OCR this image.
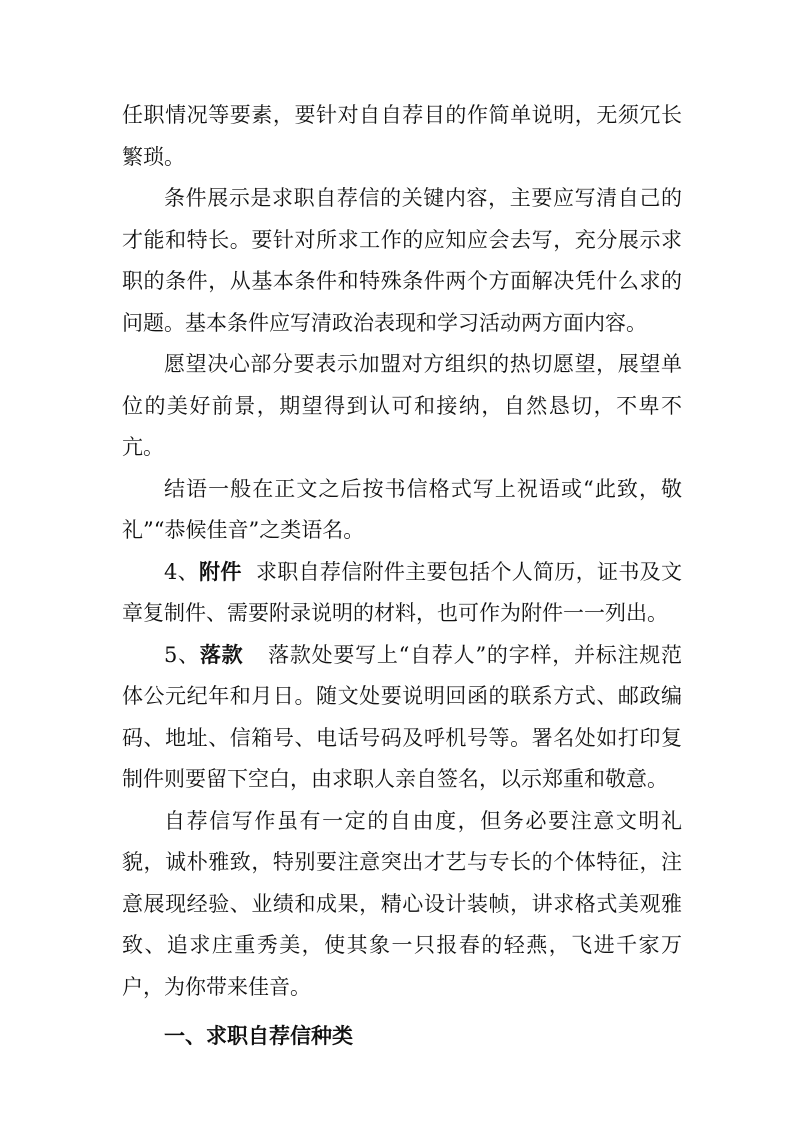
任职情况等要素，要针对自自荐目的作简单说明，无须冗长繁琐。

条件展示是求职自荐信的关键内容，主要应写清自己的才能和特长。要针对所求工作的应知应会去写，充分展示求职的条件，从基本条件和特殊条件两个方面解决凭什么求的问题。基本条件应写清政治表现和学习活动两方面内容。

愿望决心部分要表示加盟对方组织的热切愿望，展望单位的美好前景，期望得到认可和接纳，自然恳切，不卑不亢。

结语一般在正文之后按书信格式写上祝语或“此致，敬礼”“恭候佳音”之类语名。

4、附件 求职自荐信附件主要包括个人简历，证书及文章复制件、需要附录说明的材料，也可作为附件一一列出。

5、落款 落款处要写上“自荐人”的字样，并标注规范体公元纪年和月日。随文处要说明回函的联系方式、邮政编码、地址、信箱号、电话号码及呼机号等。署名处如打印复制件则要留下空白，由求职人亲自签名，以示郑重和敬意。

自荐信写作虽有一定的自由度，但务必要注意文明礼貌，诚朴雅致，特别要注意突出才艺与专长的个体特征，注意展现经验、业绩和成果，精心设计装帧，讲求格式美观雅致、追求庄重秀美，使其象一只报春的轻燕，飞进千家万户，为你带来佳音。

一、求职自荐信种类
